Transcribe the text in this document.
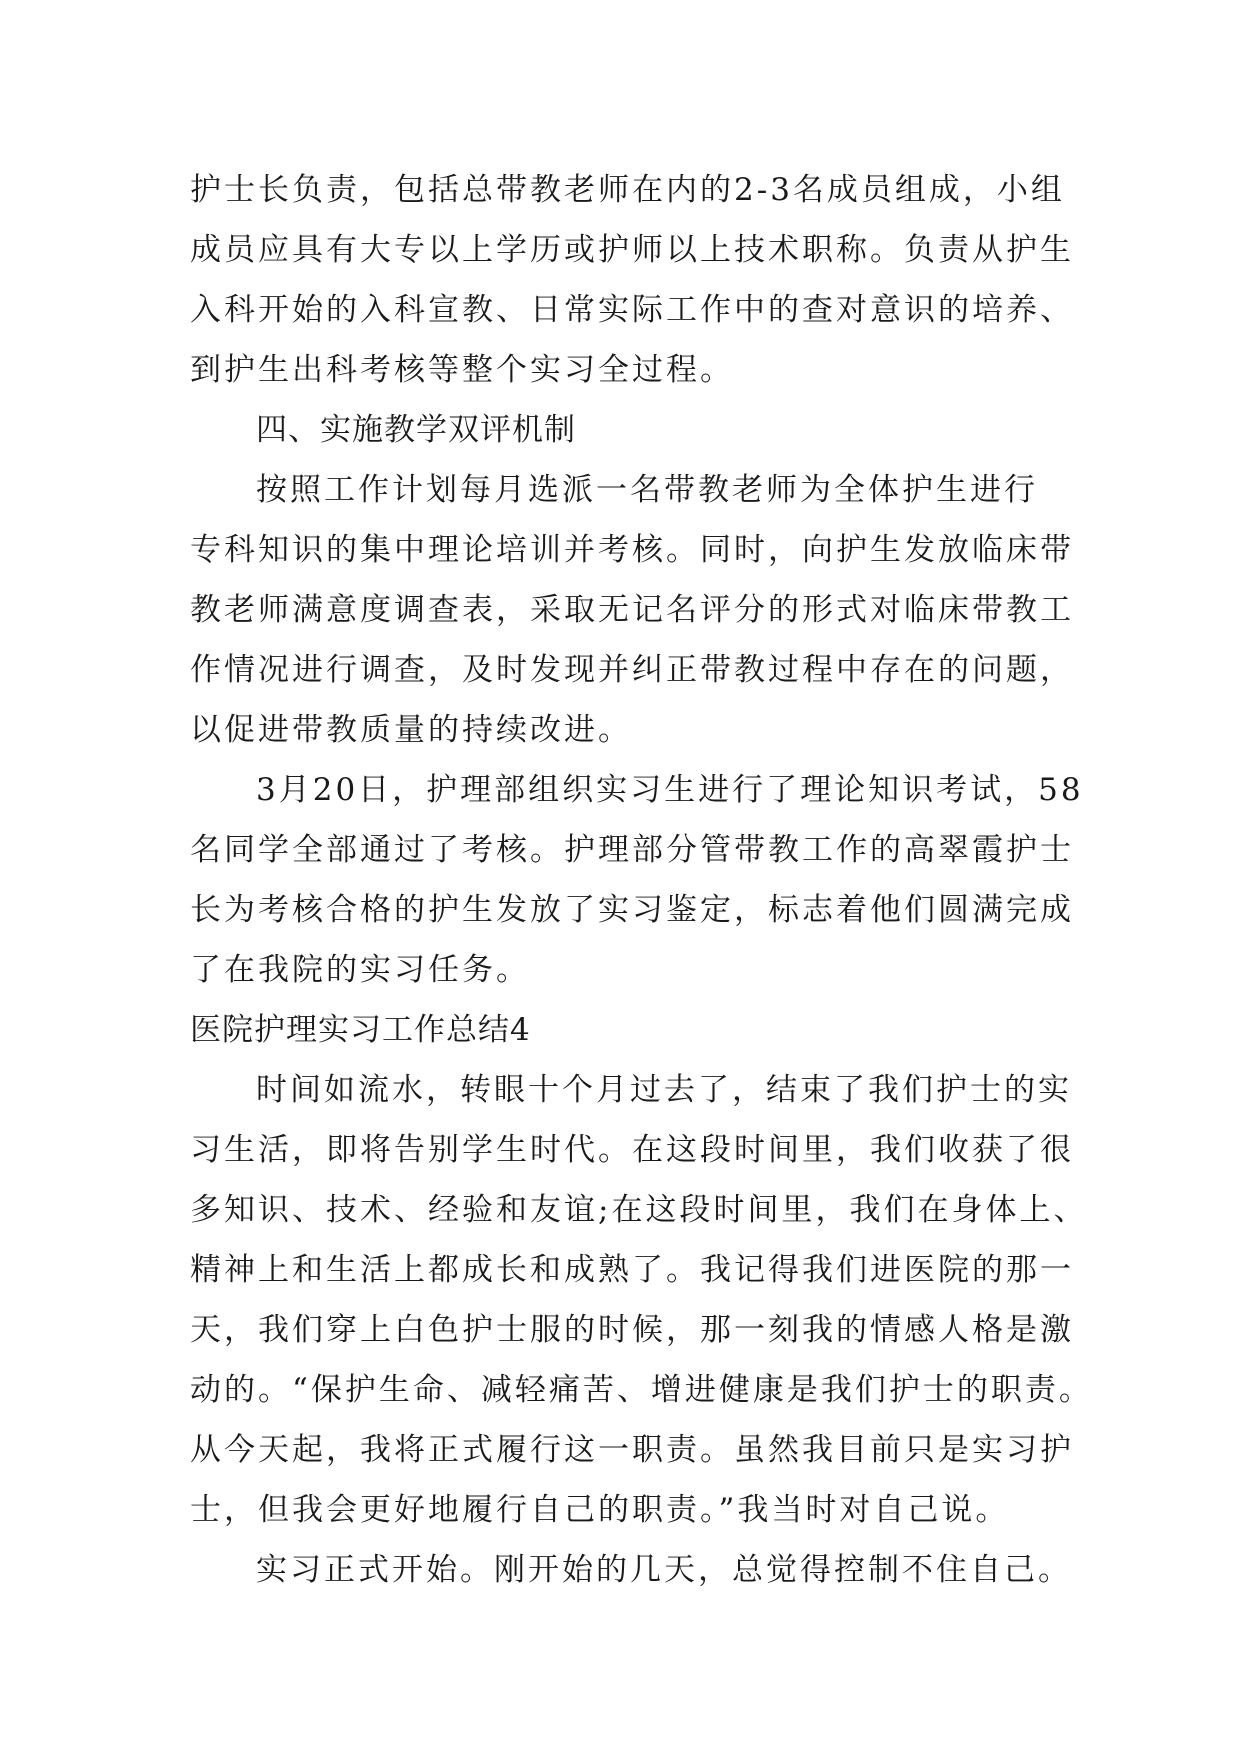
护士长负责，包括总带教老师在内的2-3名成员组成，小组
成员应具有大专以上学历或护师以上技术职称。负责从护生
入科开始的入科宣教、日常实际工作中的查对意识的培养、
到护生出科考核等整个实习全过程。
四、实施教学双评机制
按照工作计划每月选派一名带教老师为全体护生进行
专科知识的集中理论培训并考核。同时，向护生发放临床带
教老师满意度调查表，采取无记名评分的形式对临床带教工
作情况进行调查，及时发现并纠正带教过程中存在的问题，
以促进带教质量的持续改进。
3月20日，护理部组织实习生进行了理论知识考试，58
名同学全部通过了考核。护理部分管带教工作的高翠霞护士
长为考核合格的护生发放了实习鉴定，标志着他们圆满完成
了在我院的实习任务。
医院护理实习工作总结4
时间如流水，转眼十个月过去了，结束了我们护士的实
习生活，即将告别学生时代。在这段时间里，我们收获了很
多知识、技术、经验和友谊;在这段时间里，我们在身体上、
精神上和生活上都成长和成熟了。我记得我们进医院的那一
天，我们穿上白色护士服的时候，那一刻我的情感人格是激
动的。“保护生命、减轻痛苦、增进健康是我们护士的职责。
从今天起，我将正式履行这一职责。虽然我目前只是实习护
士，但我会更好地履行自己的职责。”我当时对自己说。
实习正式开始。刚开始的几天，总觉得控制不住自己。
